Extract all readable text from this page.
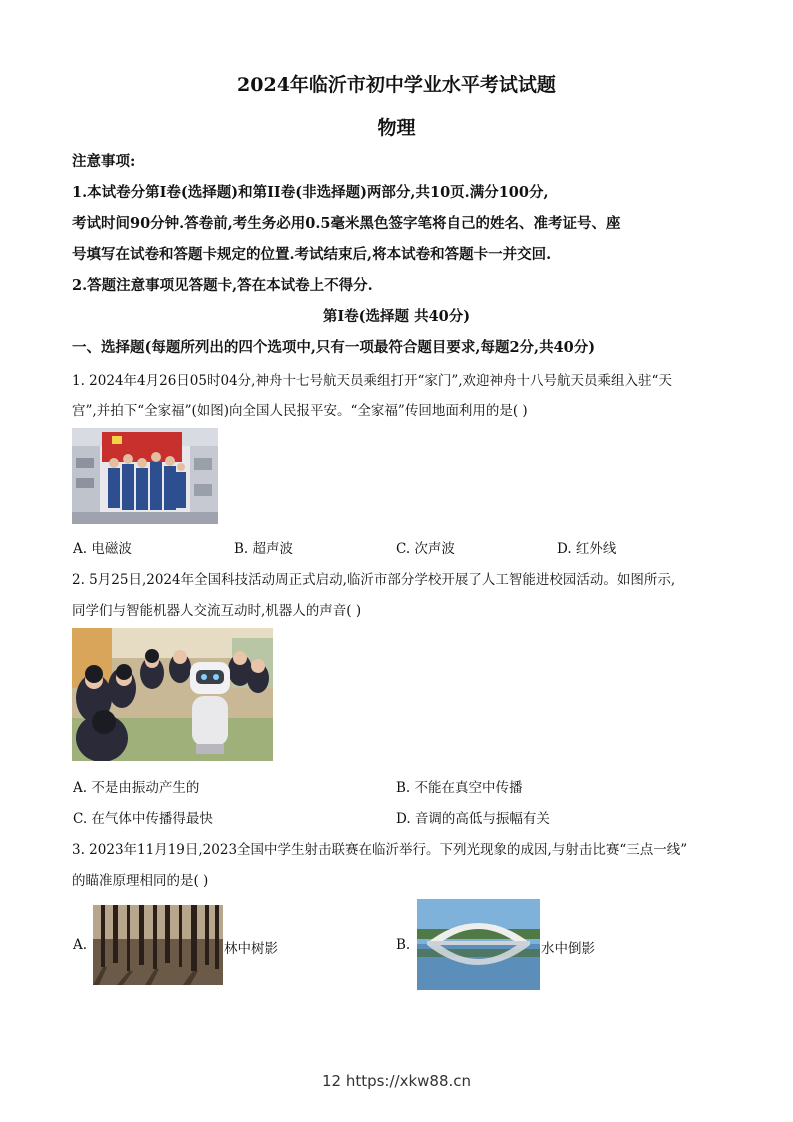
2024年临沂市初中学业水平考试试题
物理
注意事项:
1.本试卷分第I卷(选择题)和第II卷(非选择题)两部分,共10页.满分100分,
考试时间90分钟.答卷前,考生务必用0.5毫米黑色签字笔将自己的姓名、准考证号、座
号填写在试卷和答题卡规定的位置.考试结束后,将本试卷和答题卡一并交回.
2.答题注意事项见答题卡,答在本试卷上不得分.
第I卷(选择题 共40分)
一、选择题(每题所列出的四个选项中,只有一项最符合题目要求,每题2分,共40分)
1. 2024年4月26日05时04分,神舟十七号航天员乘组打开“家门”,欢迎神舟十八号航天员乘组入驻“天
宫”,并拍下“全家福”(如图)向全国人民报平安。“全家福”传回地面利用的是( )
A. 电磁波	B. 超声波	C. 次声波	D. 红外线
2. 5月25日,2024年全国科技活动周正式启动,临沂市部分学校开展了人工智能进校园活动。如图所示,
同学们与智能机器人交流互动时,机器人的声音( )
A. 不是由振动产生的	B. 不能在真空中传播
C. 在气体中传播得最快	D. 音调的高低与振幅有关
3. 2023年11月19日,2023全国中学生射击联赛在临沂举行。下列光现象的成因,与射击比赛“三点一线”
的瞄准原理相同的是( )
A.	林中树影	B.	水中倒影
12 https://xkw88.cn
